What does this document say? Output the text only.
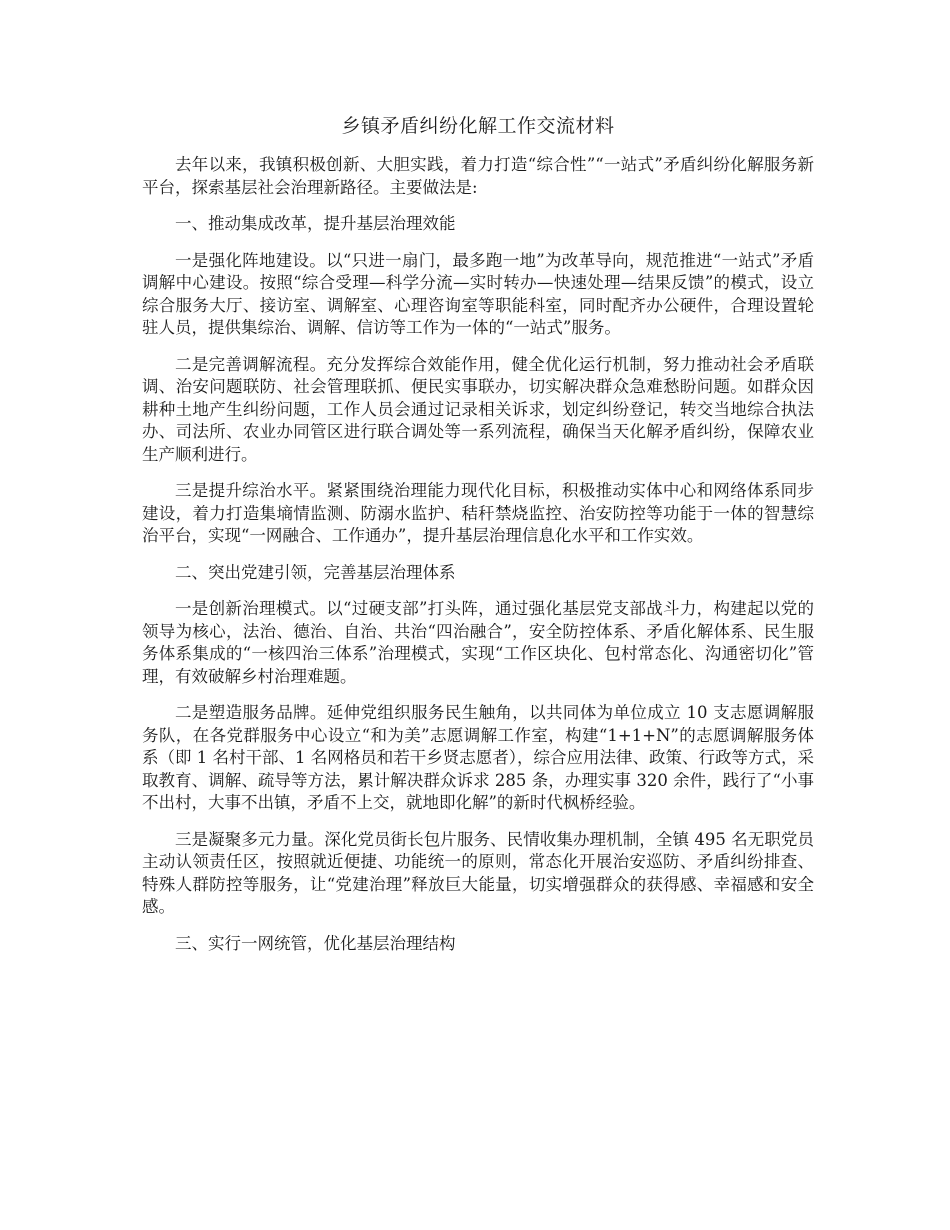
乡镇矛盾纠纷化解工作交流材料

去年以来，我镇积极创新、大胆实践，着力打造“综合性”“一站式”矛盾纠纷化解服务新平台，探索基层社会治理新路径。主要做法是:

一、推动集成改革，提升基层治理效能

一是强化阵地建设。以“只进一扇门，最多跑一地”为改革导向，规范推进“一站式”矛盾调解中心建设。按照“综合受理—科学分流—实时转办—快速处理—结果反馈”的模式，设立综合服务大厅、接访室、调解室、心理咨询室等职能科室，同时配齐办公硬件，合理设置轮驻人员，提供集综治、调解、信访等工作为一体的“一站式”服务。

二是完善调解流程。充分发挥综合效能作用，健全优化运行机制，努力推动社会矛盾联调、治安问题联防、社会管理联抓、便民实事联办，切实解决群众急难愁盼问题。如群众因耕种土地产生纠纷问题，工作人员会通过记录相关诉求，划定纠纷登记，转交当地综合执法办、司法所、农业办同管区进行联合调处等一系列流程，确保当天化解矛盾纠纷，保障农业生产顺利进行。

三是提升综治水平。紧紧围绕治理能力现代化目标，积极推动实体中心和网络体系同步建设，着力打造集墒情监测、防溺水监护、秸秆禁烧监控、治安防控等功能于一体的智慧综治平台，实现“一网融合、工作通办”，提升基层治理信息化水平和工作实效。

二、突出党建引领，完善基层治理体系

一是创新治理模式。以“过硬支部”打头阵，通过强化基层党支部战斗力，构建起以党的领导为核心，法治、德治、自治、共治“四治融合”，安全防控体系、矛盾化解体系、民生服务体系集成的“一核四治三体系”治理模式，实现“工作区块化、包村常态化、沟通密切化”管理，有效破解乡村治理难题。

二是塑造服务品牌。延伸党组织服务民生触角，以共同体为单位成立 10 支志愿调解服务队，在各党群服务中心设立“和为美”志愿调解工作室，构建“1+1+N”的志愿调解服务体系（即 1 名村干部、1 名网格员和若干乡贤志愿者），综合应用法律、政策、行政等方式，采取教育、调解、疏导等方法，累计解决群众诉求 285 条，办理实事 320 余件，践行了“小事不出村，大事不出镇，矛盾不上交，就地即化解”的新时代枫桥经验。

三是凝聚多元力量。深化党员街长包片服务、民情收集办理机制，全镇 495 名无职党员主动认领责任区，按照就近便捷、功能统一的原则，常态化开展治安巡防、矛盾纠纷排查、特殊人群防控等服务，让“党建治理”释放巨大能量，切实增强群众的获得感、幸福感和安全感。

三、实行一网统管，优化基层治理结构
